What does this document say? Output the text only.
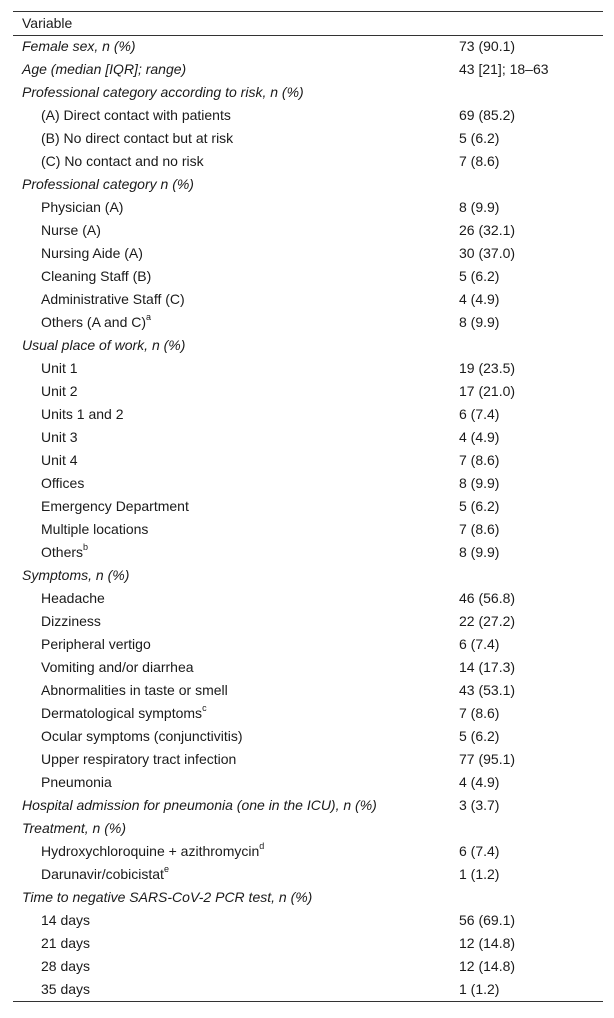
Variable
Female sex, n (%)	73 (90.1)
Age (median [IQR]; range)	43 [21]; 18–63
Professional category according to risk, n (%)
(A) Direct contact with patients	69 (85.2)
(B) No direct contact but at risk	5 (6.2)
(C) No contact and no risk	7 (8.6)
Professional category n (%)
Physician (A)	8 (9.9)
Nurse (A)	26 (32.1)
Nursing Aide (A)	30 (37.0)
Cleaning Staff (B)	5 (6.2)
Administrative Staff (C)	4 (4.9)
Others (A and C)$^a$	8 (9.9)
Usual place of work, n (%)
Unit 1	19 (23.5)
Unit 2	17 (21.0)
Units 1 and 2	6 (7.4)
Unit 3	4 (4.9)
Unit 4	7 (8.6)
Offices	8 (9.9)
Emergency Department	5 (6.2)
Multiple locations	7 (8.6)
Others$^b$	8 (9.9)
Symptoms, n (%)
Headache	46 (56.8)
Dizziness	22 (27.2)
Peripheral vertigo	6 (7.4)
Vomiting and/or diarrhea	14 (17.3)
Abnormalities in taste or smell	43 (53.1)
Dermatological symptoms$^c$	7 (8.6)
Ocular symptoms (conjunctivitis)	5 (6.2)
Upper respiratory tract infection	77 (95.1)
Pneumonia	4 (4.9)
Hospital admission for pneumonia (one in the ICU), n (%)	3 (3.7)
Treatment, n (%)
Hydroxychloroquine + azithromycin$^d$	6 (7.4)
Darunavir/cobicistat$^e$	1 (1.2)
Time to negative SARS-CoV-2 PCR test, n (%)
14 days	56 (69.1)
21 days	12 (14.8)
28 days	12 (14.8)
35 days	1 (1.2)
